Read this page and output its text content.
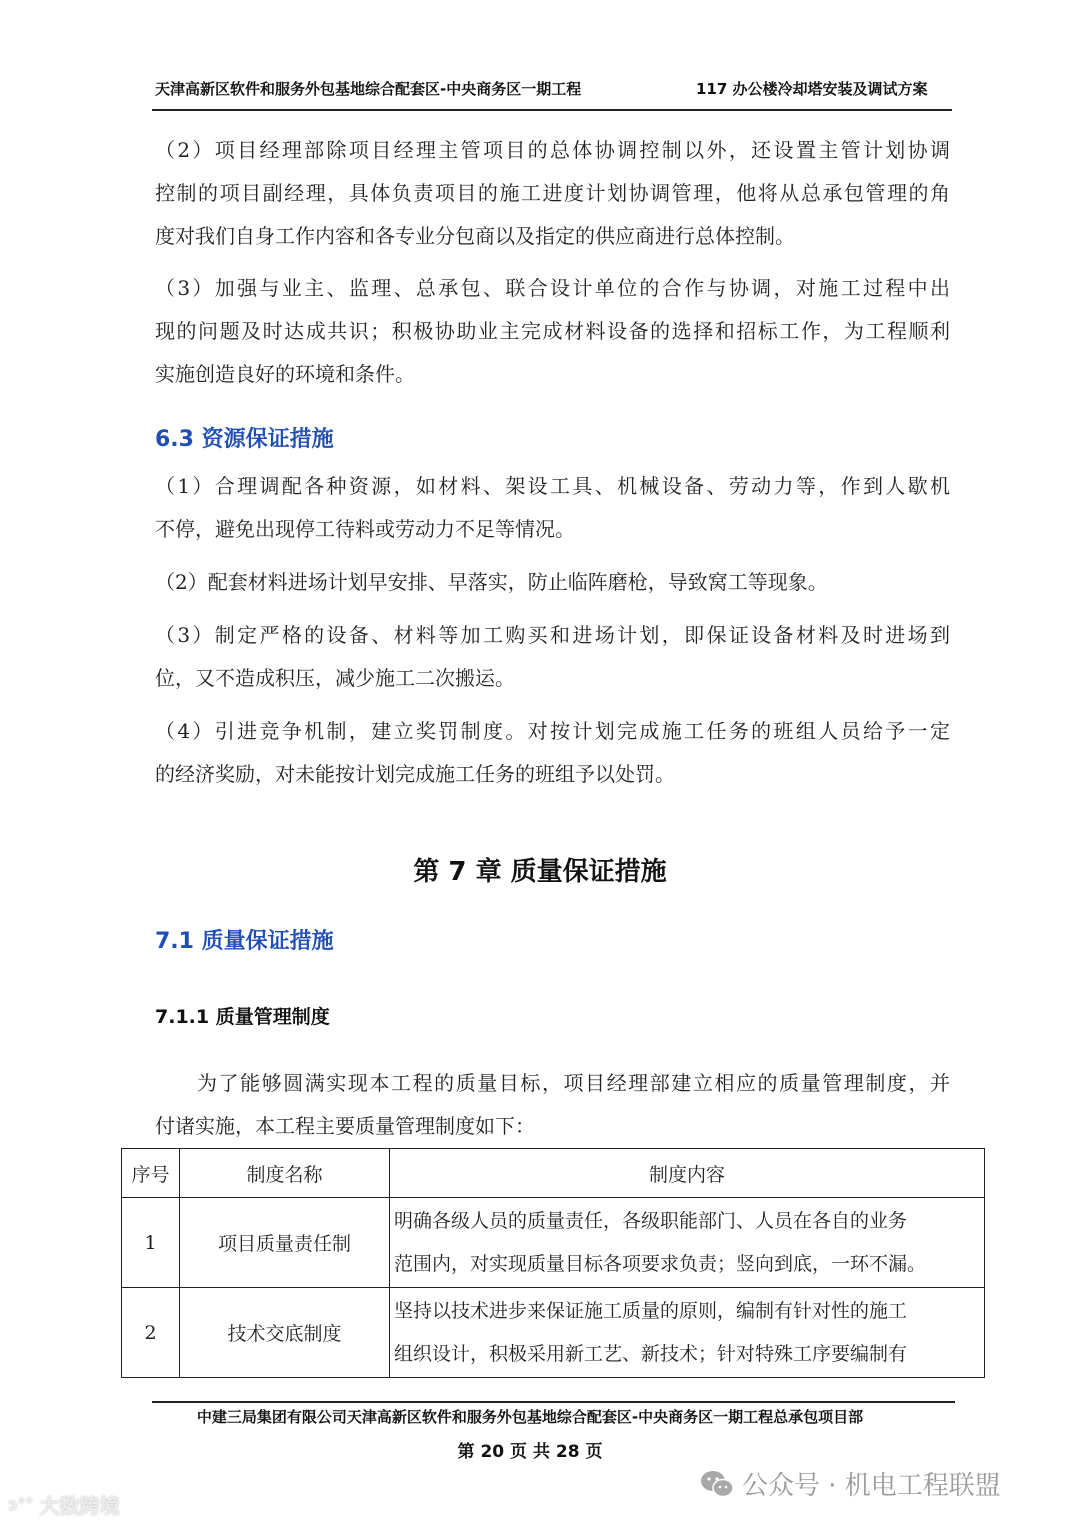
天津高新区软件和服务外包基地综合配套区-中央商务区一期工程	117 办公楼冷却塔安装及调试方案
（2）项目经理部除项目经理主管项目的总体协调控制以外，还设置主管计划协调
控制的项目副经理，具体负责项目的施工进度计划协调管理，他将从总承包管理的角
度对我们自身工作内容和各专业分包商以及指定的供应商进行总体控制。
（3）加强与业主、监理、总承包、联合设计单位的合作与协调，对施工过程中出
现的问题及时达成共识；积极协助业主完成材料设备的选择和招标工作，为工程顺利
实施创造良好的环境和条件。
6.3 资源保证措施
（1）合理调配各种资源，如材料、架设工具、机械设备、劳动力等，作到人歇机
不停，避免出现停工待料或劳动力不足等情况。
（2）配套材料进场计划早安排、早落实，防止临阵磨枪，导致窝工等现象。
（3）制定严格的设备、材料等加工购买和进场计划，即保证设备材料及时进场到
位，又不造成积压，减少施工二次搬运。
（4）引进竞争机制，建立奖罚制度。对按计划完成施工任务的班组人员给予一定
的经济奖励，对未能按计划完成施工任务的班组予以处罚。
第 7 章 质量保证措施
7.1 质量保证措施
7.1.1 质量管理制度
为了能够圆满实现本工程的质量目标，项目经理部建立相应的质量管理制度，并
付诸实施，本工程主要质量管理制度如下：
序号	制度名称	制度内容
1	项目质量责任制	明确各级人员的质量责任，各级职能部门、人员在各自的业务
范围内，对实现质量目标各项要求负责；竖向到底，一环不漏。

2	技术交底制度	坚持以技术进步来保证施工质量的原则，编制有针对性的施工
组织设计，积极采用新工艺、新技术；针对特殊工序要编制有
中建三局集团有限公司天津高新区软件和服务外包基地综合配套区-中央商务区一期工程总承包项目部
第 20 页 共 28 页
公众号 · 机电工程联盟
ↄ°° 大数跨境
